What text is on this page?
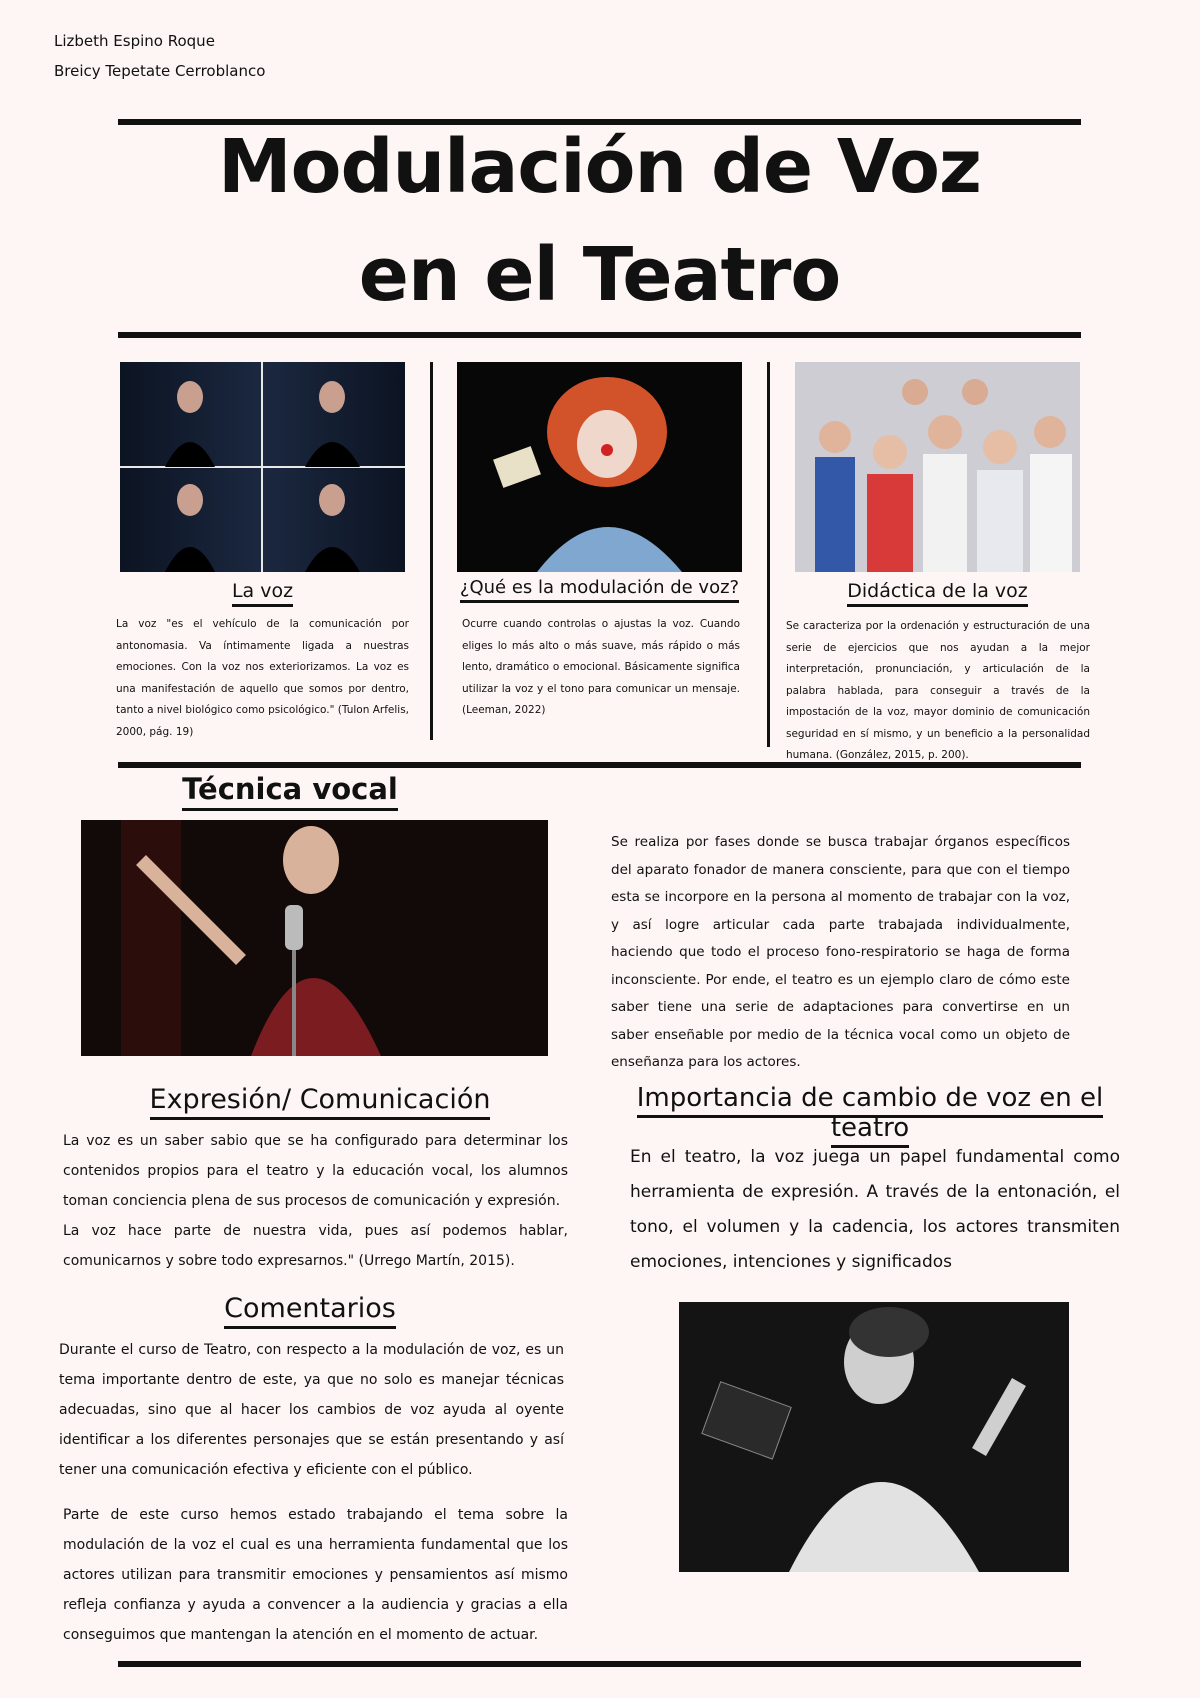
Lizbeth Espino Roque
Breicy Tepetate Cerroblanco
Modulación de Voz
en el Teatro
La voz	¿Qué es la modulación de voz?	Didáctica de la voz
La voz "es el vehículo de la comunicación por antonomasia. Va íntimamente ligada a nuestras emociones. Con la voz nos exteriorizamos. La voz es una manifestación de aquello que somos por dentro, tanto a nivel biológico como psicológico." (Tulon Arfelis, 2000, pág. 19)
Ocurre cuando controlas o ajustas la voz. Cuando eliges lo más alto o más suave, más rápido o más lento, dramático o emocional. Básicamente significa utilizar la voz y el tono para comunicar un mensaje. (Leeman, 2022)
Se caracteriza por la ordenación y estructuración de una serie de ejercicios que nos ayudan a la mejor interpretación, pronunciación, y articulación de la palabra hablada, para conseguir a través de la impostación de la voz, mayor dominio de comunicación seguridad en sí mismo, y un beneficio a la personalidad humana. (González, 2015, p. 200).
Técnica vocal
Se realiza por fases donde se busca trabajar órganos específicos del aparato fonador de manera consciente, para que con el tiempo esta se incorpore en la persona al momento de trabajar con la voz, y así logre articular cada parte trabajada individualmente, haciendo que todo el proceso fono-respiratorio se haga de forma inconsciente. Por ende, el teatro es un ejemplo claro de cómo este saber tiene una serie de adaptaciones para convertirse en un saber enseñable por medio de la técnica vocal como un objeto de enseñanza para los actores.
Expresión/ Comunicación
La voz es un saber sabio que se ha configurado para determinar los contenidos propios para el teatro y la educación vocal, los alumnos toman conciencia plena de sus procesos de comunicación y expresión.
La voz hace parte de nuestra vida, pues así podemos hablar, comunicarnos y sobre todo expresarnos." (Urrego Martín, 2015).
Importancia de cambio de voz en el teatro
En el teatro, la voz juega un papel fundamental como herramienta de expresión. A través de la entonación, el tono, el volumen y la cadencia, los actores transmiten emociones, intenciones y significados
Comentarios
Durante el curso de Teatro, con respecto a la modulación de voz, es un tema importante dentro de este, ya que no solo es manejar técnicas adecuadas, sino que al hacer los cambios de voz ayuda al oyente identificar a los diferentes personajes que se están presentando y así tener una comunicación efectiva y eficiente con el público.
Parte de este curso hemos estado trabajando el tema sobre la modulación de la voz el cual es una herramienta fundamental que los actores utilizan para transmitir emociones y pensamientos así mismo refleja confianza y ayuda a convencer a la audiencia y gracias a ella conseguimos que mantengan la atención en el momento de actuar.
